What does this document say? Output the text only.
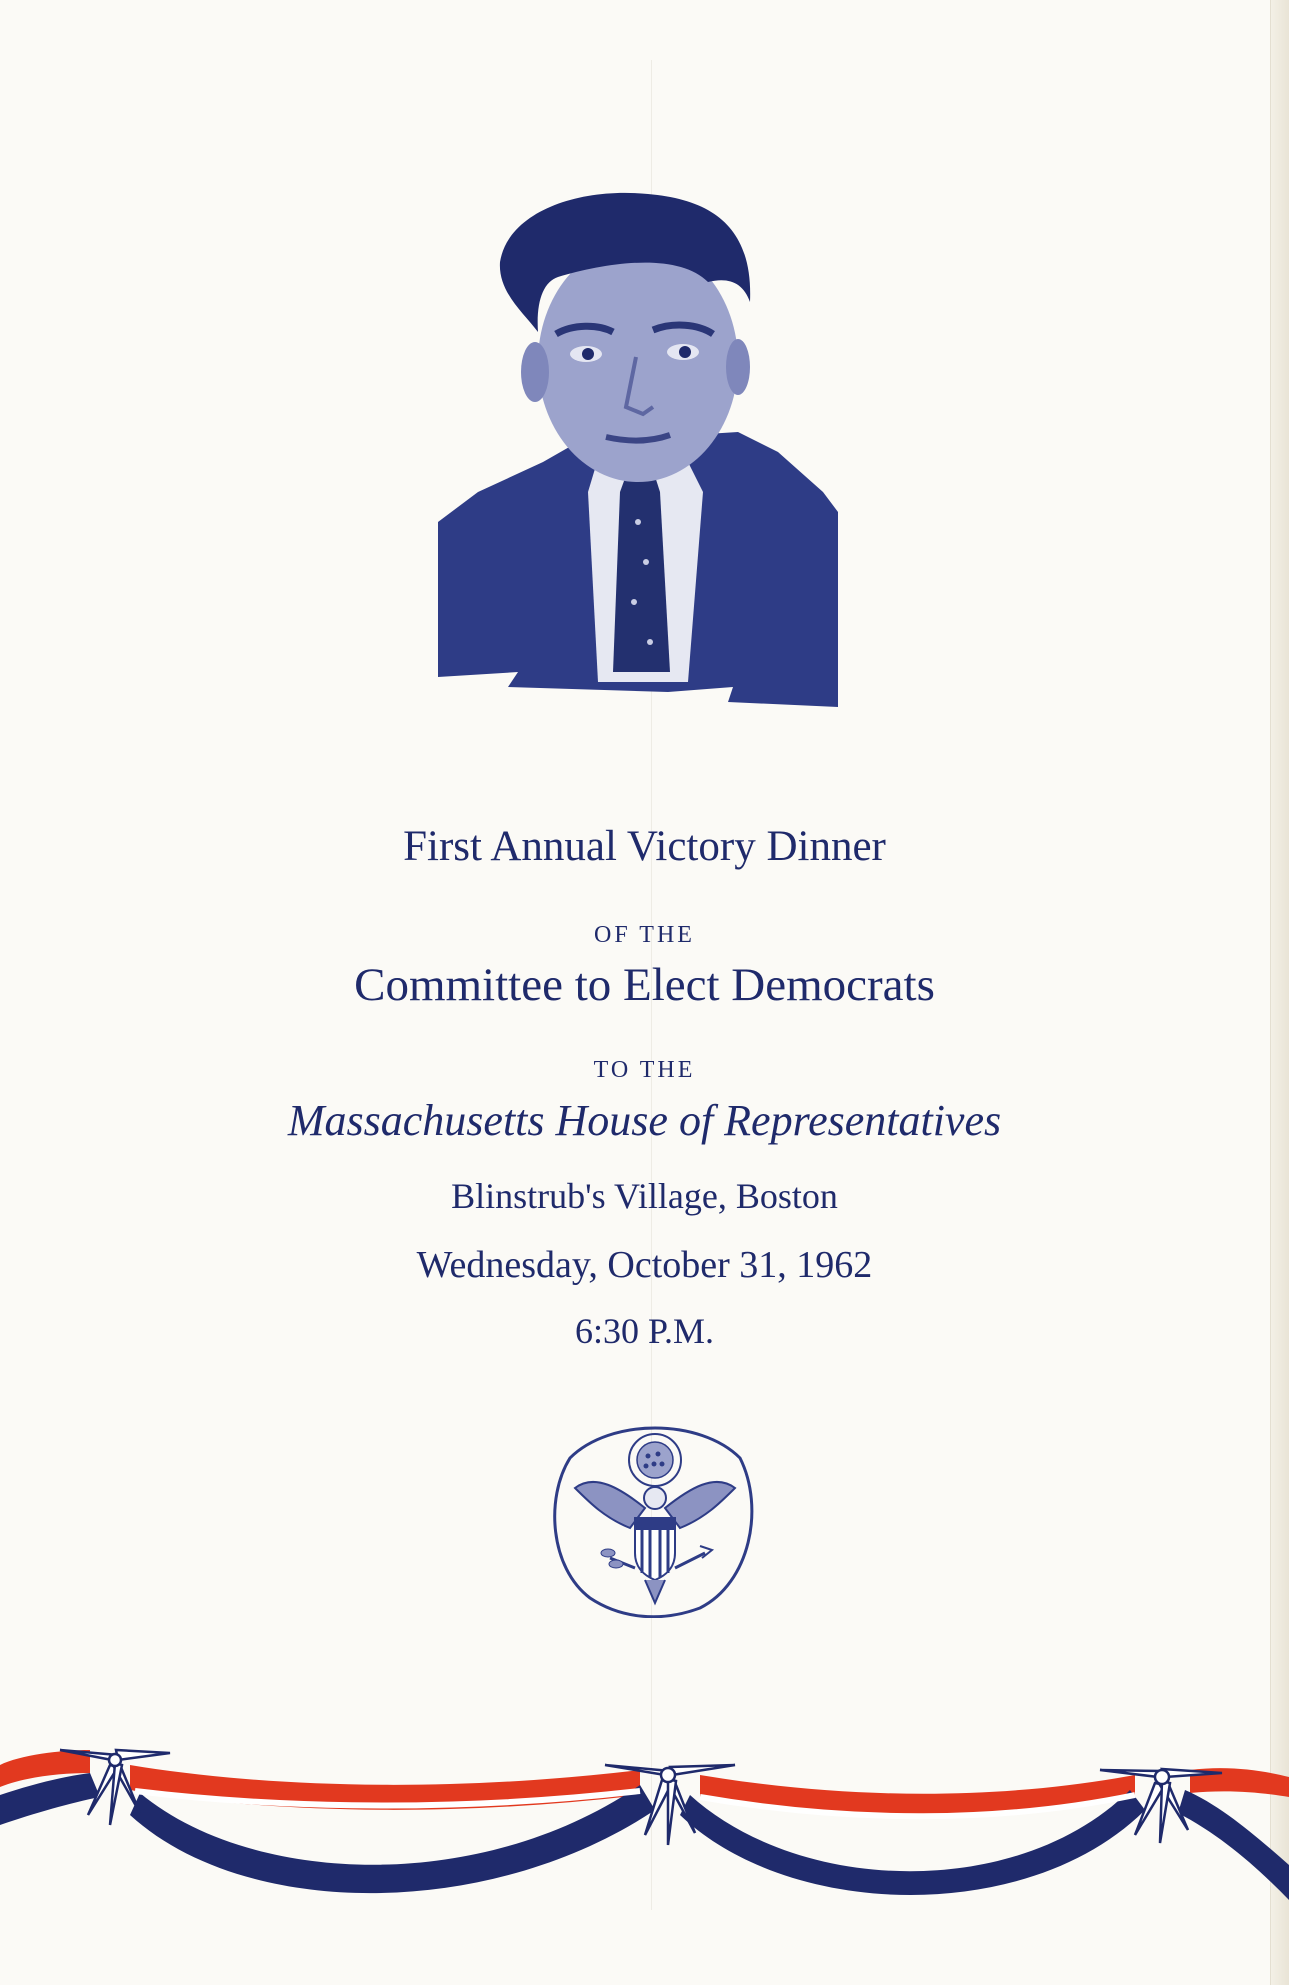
First Annual Victory Dinner
OF THE
Committee to Elect Democrats
TO THE
Massachusetts House of Representatives
Blinstrub's Village, Boston
Wednesday, October 31, 1962
6:30 P.M.
